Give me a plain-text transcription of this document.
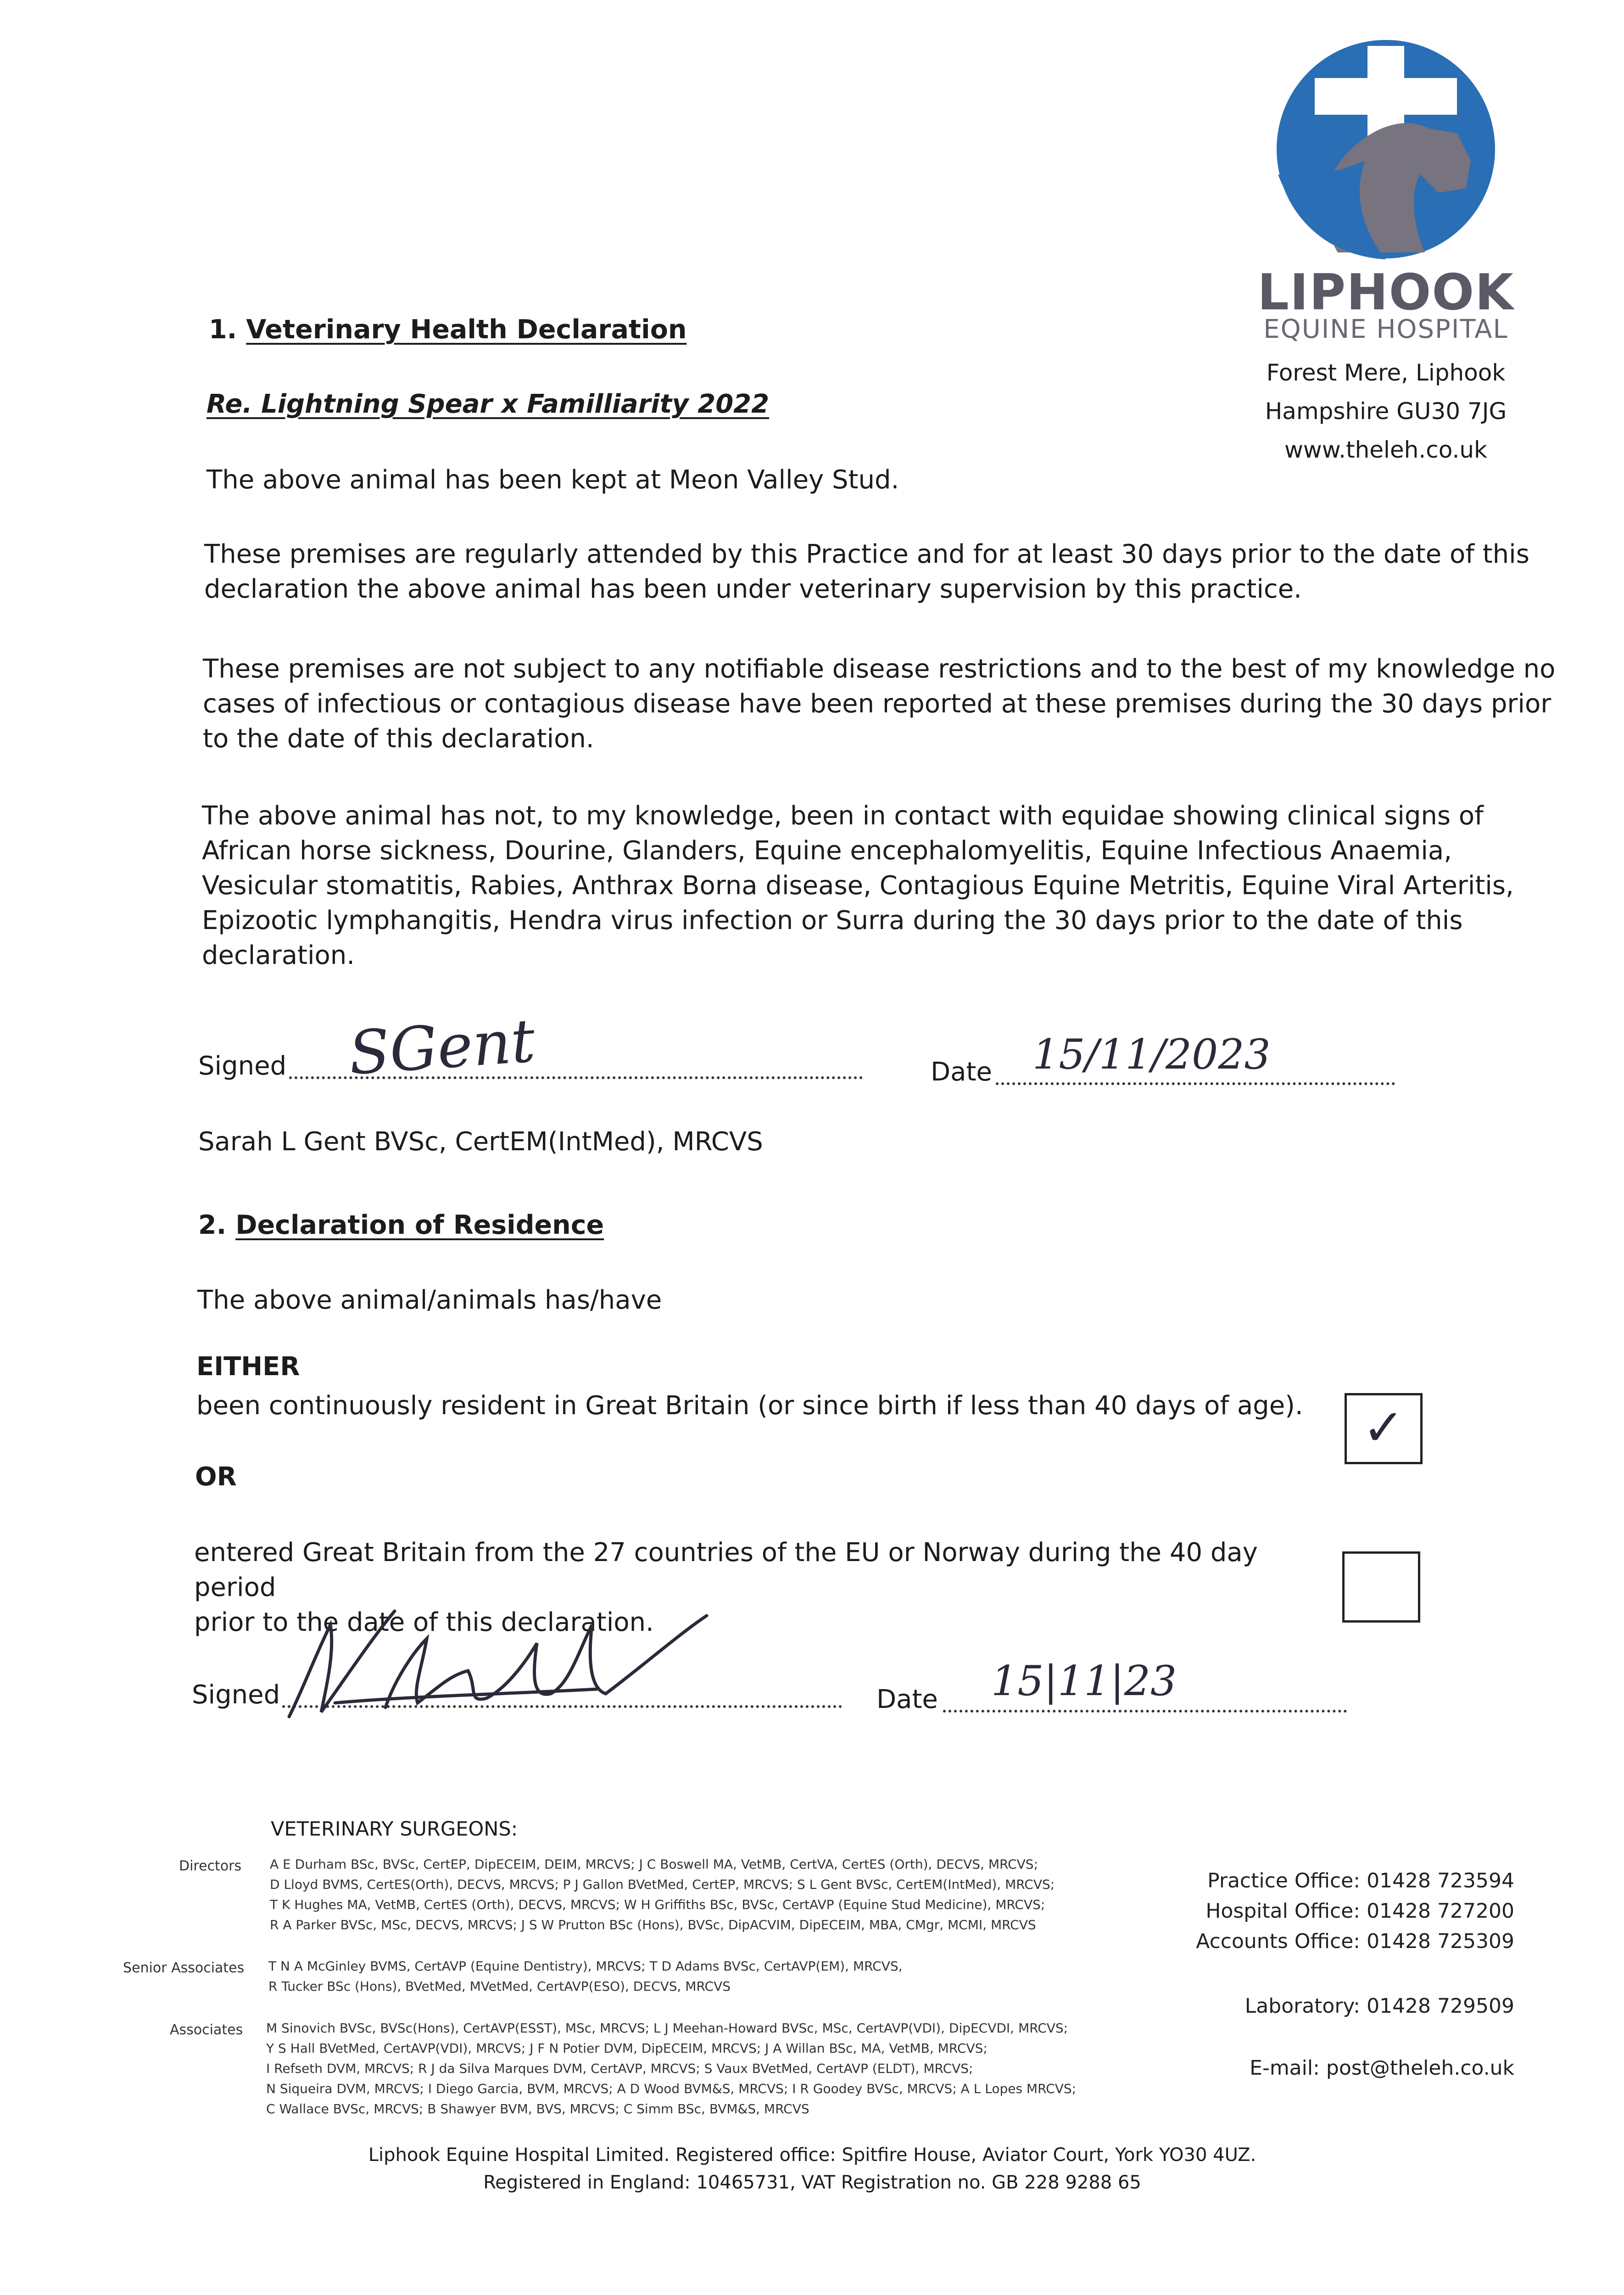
LIPHOOK
EQUINE HOSPITAL
Forest Mere, Liphook
Hampshire GU30 7JG
www.theleh.co.uk
1. Veterinary Health Declaration
Re. Lightning Spear x Familliarity 2022
The above animal has been kept at Meon Valley Stud.
These premises are regularly attended by this Practice and for at least 30 days prior to the date of this
declaration the above animal has been under veterinary supervision by this practice.
These premises are not subject to any notifiable disease restrictions and to the best of my knowledge no
cases of infectious or contagious disease have been reported at these premises during the 30 days prior
to the date of this declaration.
The above animal has not, to my knowledge, been in contact with equidae showing clinical signs of
African horse sickness, Dourine, Glanders, Equine encephalomyelitis, Equine Infectious Anaemia,
Vesicular stomatitis, Rabies, Anthrax Borna disease, Contagious Equine Metritis, Equine Viral Arteritis,
Epizootic lymphangitis, Hendra virus infection or Surra during the 30 days prior to the date of this
declaration.
Signed SGent	Date 15/11/2023
Sarah L Gent BVSc, CertEM(IntMed), MRCVS
2. Declaration of Residence
The above animal/animals has/have
EITHER
been continuously resident in Great Britain (or since birth if less than 40 days of age).	✓
OR
entered Great Britain from the 27 countries of the EU or Norway during the 40 day period
prior to the date of this declaration.
Signed	Date 15|11|23
VETERINARY SURGEONS:
Directors A E Durham BSc, BVSc, CertEP, DipECEIM, DEIM, MRCVS; J C Boswell MA, VetMB, CertVA, CertES (Orth), DECVS, MRCVS;
D Lloyd BVMS, CertES(Orth), DECVS, MRCVS; P J Gallon BVetMed, CertEP, MRCVS; S L Gent BVSc, CertEM(IntMed), MRCVS;
T K Hughes MA, VetMB, CertES (Orth), DECVS, MRCVS; W H Griffiths BSc, BVSc, CertAVP (Equine Stud Medicine), MRCVS;
R A Parker BVSc, MSc, DECVS, MRCVS; J S W Prutton BSc (Hons), BVSc, DipACVIM, DipECEIM, MBA, CMgr, MCMI, MRCVS
Senior Associates T N A McGinley BVMS, CertAVP (Equine Dentistry), MRCVS; T D Adams BVSc, CertAVP(EM), MRCVS,
R Tucker BSc (Hons), BVetMed, MVetMed, CertAVP(ESO), DECVS, MRCVS
Associates M Sinovich BVSc, BVSc(Hons), CertAVP(ESST), MSc, MRCVS; L J Meehan-Howard BVSc, MSc, CertAVP(VDI), DipECVDI, MRCVS;
Y S Hall BVetMed, CertAVP(VDI), MRCVS; J F N Potier DVM, DipECEIM, MRCVS; J A Willan BSc, MA, VetMB, MRCVS;
I Refseth DVM, MRCVS; R J da Silva Marques DVM, CertAVP, MRCVS; S Vaux BVetMed, CertAVP (ELDT), MRCVS;
N Siqueira DVM, MRCVS; I Diego Garcia, BVM, MRCVS; A D Wood BVM&S, MRCVS; I R Goodey BVSc, MRCVS; A L Lopes MRCVS;
C Wallace BVSc, MRCVS; B Shawyer BVM, BVS, MRCVS; C Simm BSc, BVM&S, MRCVS
Practice Office: 01428 723594
Hospital Office: 01428 727200
Accounts Office: 01428 725309
Laboratory: 01428 729509
E-mail: post@theleh.co.uk
Liphook Equine Hospital Limited. Registered office: Spitfire House, Aviator Court, York YO30 4UZ.
Registered in England: 10465731, VAT Registration no. GB 228 9288 65
